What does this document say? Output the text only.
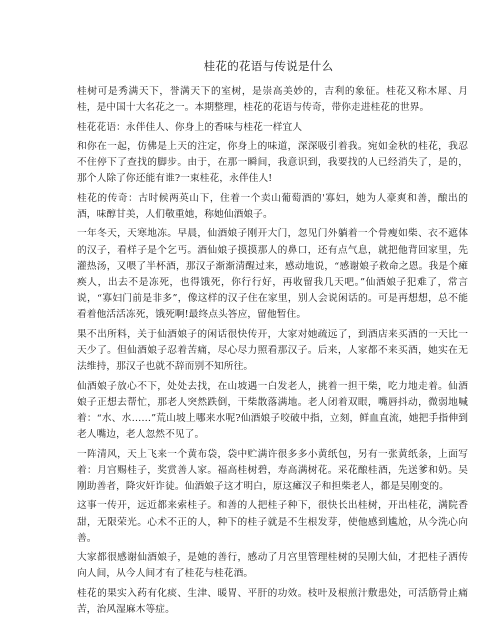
桂花的花语与传说是什么

桂树可是秀满天下，誉满天下的室树，是崇高美妙的，吉利的象征。桂花又称木犀、月桂，是中国十大名花之一。本期整理，桂花的花语与传奇，带你走进桂花的世界。

桂花花语：永伴佳人、你身上的香味与桂花一样宜人

和你在一起，仿佛是上天的注定，你身上的味道，深深吸引着我。宛如金秋的桂花，我忍不住停下了查找的脚步。由于，在那一瞬间，我意识到，我要找的人已经消失了，是的，那个人除了你还能有谁?一束桂花，永伴佳人!

桂花的传奇：古时候两英山下，住着一个卖山葡萄酒的'寡妇，她为人豪爽和善，酿出的酒，味醇甘美，人们敬重她，称她仙酒娘子。

一年冬天，天寒地冻。早晨，仙酒娘子刚开大门，忽见门外躺着一个骨瘦如柴、衣不遮体的汉子，看样子是个乞丐。酒仙娘子摸摸那人的鼻口，还有点气息，就把他背回家里，先灌热汤，又喂了半杯酒，那汉子渐渐清醒过来，感动地说，“感谢娘子救命之恩。我是个瘫痪人，出去不是冻死，也得饿死，你行行好，再收留我几天吧。”仙酒娘子犯难了，常言说，“寡妇门前是非多”，像这样的汉子住在家里，别人会说闲话的。可是再想想，总不能看着他活活冻死，饿死啊!最终点头答应，留他暂住。

果不出所料，关于仙酒娘子的闲话很快传开，大家对她疏远了，到酒店来买酒的一天比一天少了。但仙酒娘子忍着苦痛，尽心尽力照看那汉子。后来，人家都不来买酒，她实在无法维持，那汉子也就不辞而别不知所往。

仙酒娘子放心不下，处处去找，在山坡遇一白发老人，挑着一担干柴，吃力地走着。仙酒娘子正想去帮忙，那老人突然跌倒，干柴散落满地。老人闭着双眼，嘴唇抖动，微弱地喊着：“水、水……”荒山坡上哪来水呢?仙酒娘子咬破中指，立刻，鲜血直流，她把手指伸到老人嘴边，老人忽然不见了。

一阵清风，天上飞来一个黄布袋，袋中贮满许很多多小黄纸包，另有一张黄纸条，上面写着：月宫赐桂子，奖赏善人家。福高桂树碧，寿高满树花。采花酿桂酒，先送爹和奶。吴刚助善者，降灾奸诈徒。仙酒娘子这才明白，原这瘫汉子和担柴老人，都是吴刚变的。

这事一传开，远近都来索桂子。和善的人把桂子种下，很快长出桂树，开出桂花，满院香甜，无限荣光。心术不正的人，种下的桂子就是不生根发芽，使他感到尴尬，从今洗心向善。

大家都很感谢仙酒娘子，是她的善行，感动了月宫里管理桂树的吴刚大仙，才把桂子洒传向人间，从今人间才有了桂花与桂花酒。

桂花的果实入药有化痰、生津、暖胃、平肝的功效。枝叶及根煎汁敷患处，可活筋骨止痛苦，治风湿麻木等症。
